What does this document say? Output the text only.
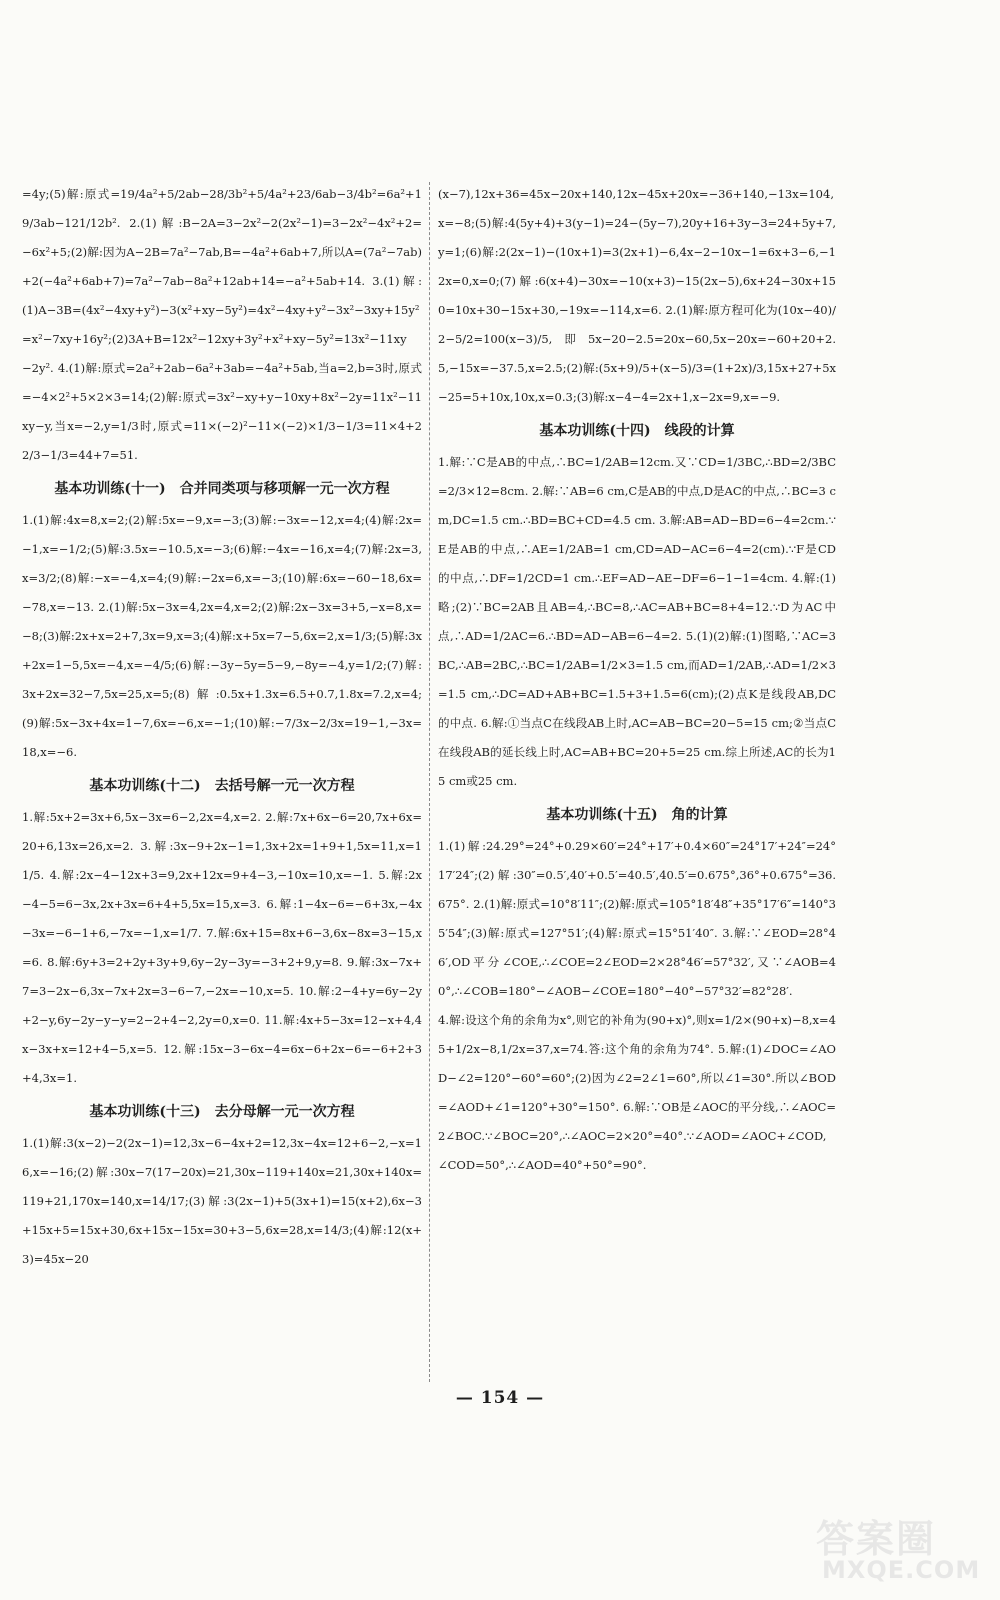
=4y;(5)解:原式=19/4a²+5/2ab−28/3b²+5/4a²+23/6ab−3/4b²=6a²+19/3ab−121/12b². 2.(1)解:B−2A=3−2x²−2(2x²−1)=3−2x²−4x²+2=−6x²+5;(2)解:因为A−2B=7a²−7ab,B=−4a²+6ab+7,所以A=(7a²−7ab)+2(−4a²+6ab+7)=7a²−7ab−8a²+12ab+14=−a²+5ab+14. 3.(1)解:(1)A−3B=(4x²−4xy+y²)−3(x²+xy−5y²)=4x²−4xy+y²−3x²−3xy+15y²=x²−7xy+16y²;(2)3A+B=12x²−12xy+3y²+x²+xy−5y²=13x²−11xy−2y². 4.(1)解:原式=2a²+2ab−6a²+3ab=−4a²+5ab,当a=2,b=3时,原式=−4×2²+5×2×3=14;(2)解:原式=3x²−xy+y−10xy+8x²−2y=11x²−11xy−y,当x=−2,y=1/3时,原式=11×(−2)²−11×(−2)×1/3−1/3=11×4+22/3−1/3=44+7=51.

基本功训练(十一)　合并同类项与移项解一元一次方程

1.(1)解:4x=8,x=2;(2)解:5x=−9,x=−3;(3)解:−3x=−12,x=4;(4)解:2x=−1,x=−1/2;(5)解:3.5x=−10.5,x=−3;(6)解:−4x=−16,x=4;(7)解:2x=3,x=3/2;(8)解:−x=−4,x=4;(9)解:−2x=6,x=−3;(10)解:6x=−60−18,6x=−78,x=−13. 2.(1)解:5x−3x=4,2x=4,x=2;(2)解:2x−3x=3+5,−x=8,x=−8;(3)解:2x+x=2+7,3x=9,x=3;(4)解:x+5x=7−5,6x=2,x=1/3;(5)解:3x+2x=1−5,5x=−4,x=−4/5;(6)解:−3y−5y=5−9,−8y=−4,y=1/2;(7)解:3x+2x=32−7,5x=25,x=5;(8)解:0.5x+1.3x=6.5+0.7,1.8x=7.2,x=4;(9)解:5x−3x+4x=1−7,6x=−6,x=−1;(10)解:−7/3x−2/3x=19−1,−3x=18,x=−6.

基本功训练(十二)　去括号解一元一次方程

1.解:5x+2=3x+6,5x−3x=6−2,2x=4,x=2. 2.解:7x+6x−6=20,7x+6x=20+6,13x=26,x=2. 3.解:3x−9+2x−1=1,3x+2x=1+9+1,5x=11,x=11/5. 4.解:2x−4−12x+3=9,2x+12x=9+4−3,−10x=10,x=−1. 5.解:2x−4−5=6−3x,2x+3x=6+4+5,5x=15,x=3. 6.解:1−4x−6=−6+3x,−4x−3x=−6−1+6,−7x=−1,x=1/7. 7.解:6x+15=8x+6−3,6x−8x=3−15,x=6. 8.解:6y+3=2+2y+3y+9,6y−2y−3y=−3+2+9,y=8. 9.解:3x−7x+7=3−2x−6,3x−7x+2x=3−6−7,−2x=−10,x=5. 10.解:2−4+y=6y−2y+2−y,6y−2y−y−y=2−2+4−2,2y=0,x=0. 11.解:4x+5−3x=12−x+4,4x−3x+x=12+4−5,x=5. 12.解:15x−3−6x−4=6x−6+2x−6=−6+2+3+4,3x=1.

基本功训练(十三)　去分母解一元一次方程

1.(1)解:3(x−2)−2(2x−1)=12,3x−6−4x+2=12,3x−4x=12+6−2,−x=16,x=−16;(2)解:30x−7(17−20x)=21,30x−119+140x=21,30x+140x=119+21,170x=140,x=14/17;(3)解:3(2x−1)+5(3x+1)=15(x+2),6x−3+15x+5=15x+30,6x+15x−15x=30+3−5,6x=28,x=14/3;(4)解:12(x+3)=45x−20

(x−7),12x+36=45x−20x+140,12x−45x+20x=−36+140,−13x=104,x=−8;(5)解:4(5y+4)+3(y−1)=24−(5y−7),20y+16+3y−3=24+5y+7,y=1;(6)解:2(2x−1)−(10x+1)=3(2x+1)−6,4x−2−10x−1=6x+3−6,−12x=0,x=0;(7)解:6(x+4)−30x=−10(x+3)−15(2x−5),6x+24−30x+150=10x+30−15x+30,−19x=−114,x=6. 2.(1)解:原方程可化为(10x−40)/2−5/2=100(x−3)/5,即5x−20−2.5=20x−60,5x−20x=−60+20+2.5,−15x=−37.5,x=2.5;(2)解:(5x+9)/5+(x−5)/3=(1+2x)/3,15x+27+5x−25=5+10x,10x,x=0.3;(3)解:x−4−4=2x+1,x−2x=9,x=−9.

基本功训练(十四)　线段的计算

1.解:∵C是AB的中点,∴BC=1/2AB=12cm.又∵CD=1/3BC,∴BD=2/3BC=2/3×12=8cm. 2.解:∵AB=6 cm,C是AB的中点,D是AC的中点,∴BC=3 cm,DC=1.5 cm.∴BD=BC+CD=4.5 cm. 3.解:AB=AD−BD=6−4=2cm.∵E是AB的中点,∴AE=1/2AB=1 cm,CD=AD−AC=6−4=2(cm).∵F是CD的中点,∴DF=1/2CD=1 cm.∴EF=AD−AE−DF=6−1−1=4cm. 4.解:(1)略;(2)∵BC=2AB且AB=4,∴BC=8,∴AC=AB+BC=8+4=12.∵D为AC中点,∴AD=1/2AC=6.∴BD=AD−AB=6−4=2. 5.(1)(2)解:(1)图略,∵AC=3BC,∴AB=2BC,∴BC=1/2AB=1/2×3=1.5 cm,而AD=1/2AB,∴AD=1/2×3=1.5 cm,∴DC=AD+AB+BC=1.5+3+1.5=6(cm);(2)点K是线段AB,DC的中点. 6.解:①当点C在线段AB上时,AC=AB−BC=20−5=15 cm;②当点C在线段AB的延长线上时,AC=AB+BC=20+5=25 cm.综上所述,AC的长为15 cm或25 cm.

基本功训练(十五)　角的计算

1.(1)解:24.29°=24°+0.29×60′=24°+17′+0.4×60″=24°17′+24″=24°17′24″;(2)解:30″=0.5′,40′+0.5′=40.5′,40.5′=0.675°,36°+0.675°=36.675°. 2.(1)解:原式=10°8′11″;(2)解:原式=105°18′48″+35°17′6″=140°35′54″;(3)解:原式=127°51′;(4)解:原式=15°51′40″. 3.解:∵∠EOD=28°46′,OD平分∠COE,∴∠COE=2∠EOD=2×28°46′=57°32′,又∵∠AOB=40°,∴∠COB=180°−∠AOB−∠COE=180°−40°−57°32′=82°28′.

4.解:设这个角的余角为x°,则它的补角为(90+x)°,则x=1/2×(90+x)−8,x=45+1/2x−8,1/2x=37,x=74.答:这个角的余角为74°. 5.解:(1)∠DOC=∠AOD−∠2=120°−60°=60°;(2)因为∠2=2∠1=60°,所以∠1=30°.所以∠BOD=∠AOD+∠1=120°+30°=150°. 6.解:∵OB是∠AOC的平分线,∴∠AOC=2∠BOC.∵∠BOC=20°,∴∠AOC=2×20°=40°.∵∠AOD=∠AOC+∠COD,∠COD=50°,∴∠AOD=40°+50°=90°.

— 154 —
答案圈
MXQE.COM
